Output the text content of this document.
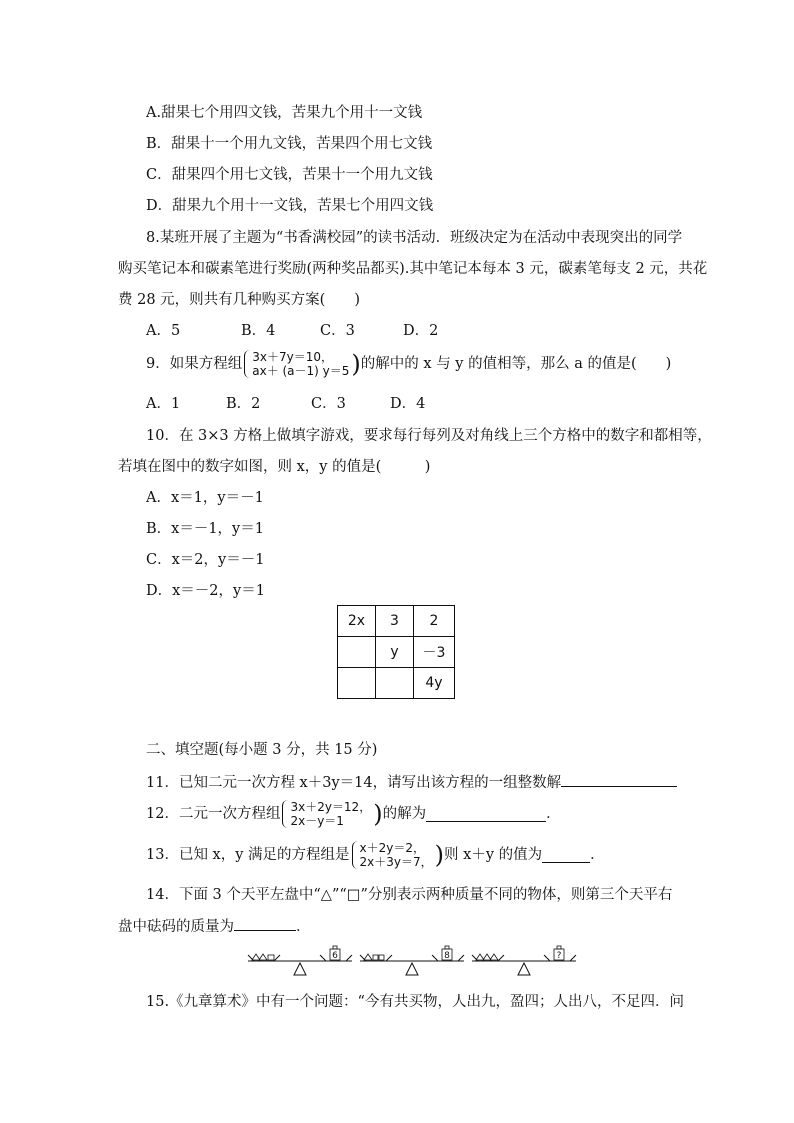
A.甜果七个用四文钱，苦果九个用十一文钱
B．甜果十一个用九文钱，苦果四个用七文钱
C．甜果四个用七文钱，苦果十一个用九文钱
D．甜果九个用十一文钱，苦果七个用四文钱
8.某班开展了主题为“书香满校园”的读书活动．班级决定为在活动中表现突出的同学
购买笔记本和碳素笔进行奖励(两种奖品都买).其中笔记本每本 3 元，碳素笔每支 2 元，共花
费 28 元，则共有几种购买方案(　　)
A．5	B．4	C．3	D．2
9．如果方程组 3x＋7y＝10，
ax＋ (a－1) y＝5 )的解中的 x 与 y 的值相等，那么 a 的值是(　　)
A．1	B．2	C．3	D．4
10．在 3×3 方格上做填字游戏，要求每行每列及对角线上三个方格中的数字和都相等，
若填在图中的数字如图，则 x，y 的值是(　　　)
A．x＝1，y＝－1
B．x＝－1，y＝1
C．x＝2，y＝－1
D．x＝－2，y＝1
2x	3	2
	y	－3
		4y
二、填空题(每小题 3 分，共 15 分)
11．已知二元一次方程 x＋3y＝14，请写出该方程的一组整数解
12．二元一次方程组 3x＋2y＝12，
2x－y＝1	)的解为	．
13．已知 x，y 满足的方程组是 x＋2y＝2，
2x＋3y＝7， )则 x＋y 的值为	．
14．下面 3 个天平左盘中“△”“□”分别表示两种质量不同的物体，则第三个天平右
盘中砝码的质量为	．
6	8	?
15.《九章算术》中有一个问题：“今有共买物，人出九，盈四；人出八，不足四．问
